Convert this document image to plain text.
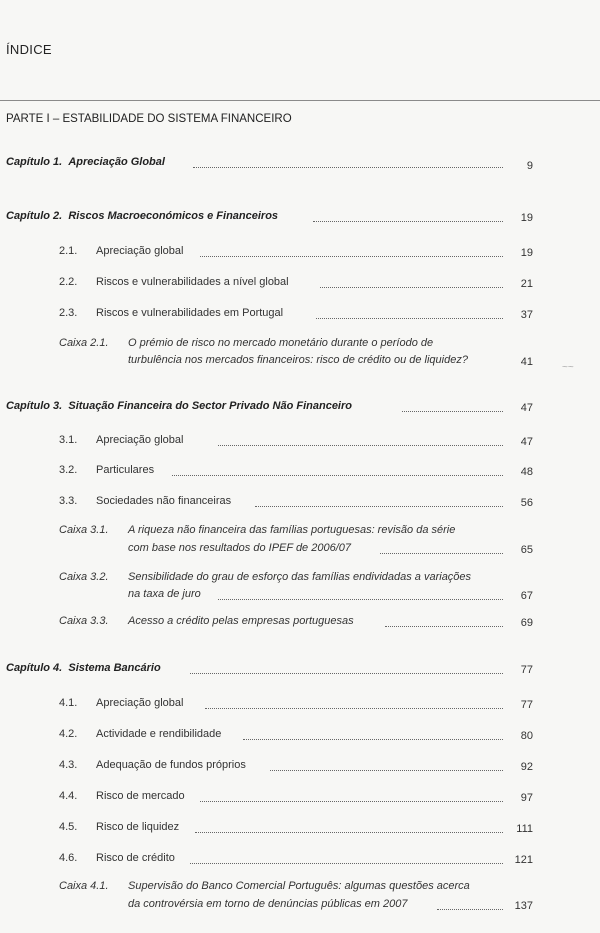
ÍNDICE
PARTE I – ESTABILIDADE DO SISTEMA FINANCEIRO
Capítulo 1. Apreciação Global	9
Capítulo 2. Riscos Macroeconómicos e Financeiros	19
2.1. Apreciação global	19
2.2. Riscos e vulnerabilidades a nível global	21
2.3. Riscos e vulnerabilidades em Portugal	37
Caixa 2.1. O prémio de risco no mercado monetário durante o período de
turbulência nos mercados financeiros: risco de crédito ou de liquidez?	41	~~
Capítulo 3. Situação Financeira do Sector Privado Não Financeiro	47
3.1. Apreciação global	47
3.2. Particulares	48
3.3. Sociedades não financeiras	56
Caixa 3.1. A riqueza não financeira das famílias portuguesas: revisão da série
com base nos resultados do IPEF de 2006/07	65
Caixa 3.2. Sensibilidade do grau de esforço das famílias endividadas a variações
na taxa de juro	67
Caixa 3.3. Acesso a crédito pelas empresas portuguesas	69
Capítulo 4. Sistema Bancário	77
4.1. Apreciação global	77
4.2. Actividade e rendibilidade	80
4.3. Adequação de fundos próprios	92
4.4. Risco de mercado	97
4.5. Risco de liquidez	111
4.6. Risco de crédito	121
Caixa 4.1. Supervisão do Banco Comercial Português: algumas questões acerca
da controvérsia em torno de denúncias públicas em 2007	137
